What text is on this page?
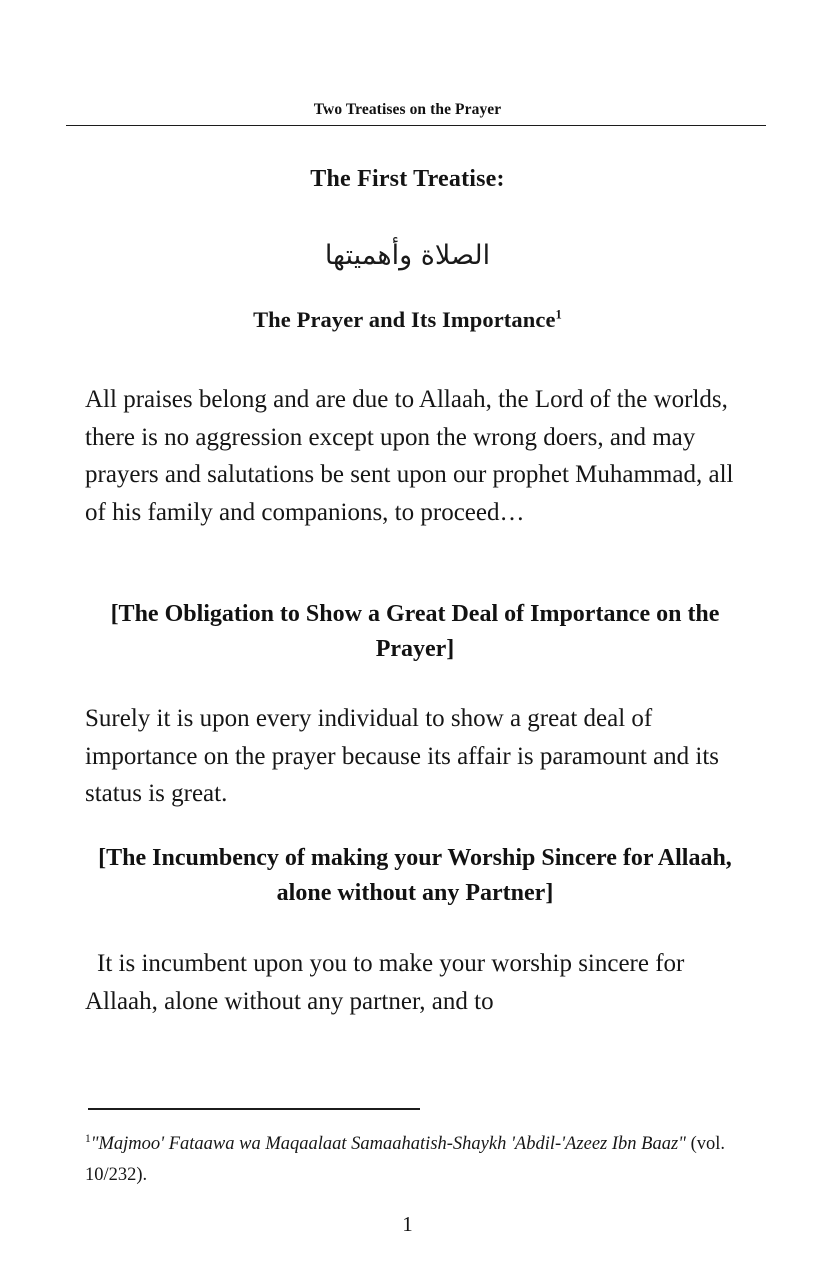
Two Treatises on the Prayer
The First Treatise:
الصلاة وأهميتها
The Prayer and Its Importance$^1$
All praises belong and are due to Allaah, the Lord of the worlds, there is no aggression except upon the wrong doers, and may prayers and salutations be sent upon our prophet Muhammad, all of his family and companions, to proceed…
[The Obligation to Show a Great Deal of Importance on the Prayer]
Surely it is upon every individual to show a great deal of importance on the prayer because its affair is paramount and its status is great.
[The Incumbency of making your Worship Sincere for Allaah, alone without any Partner]
It is incumbent upon you to make your worship sincere for Allaah, alone without any partner, and to
$^1$"Majmoo' Fataawa wa Maqaalaat Samaahatish-Shaykh 'Abdil-'Azeez Ibn Baaz" (vol. 10/232).
1
